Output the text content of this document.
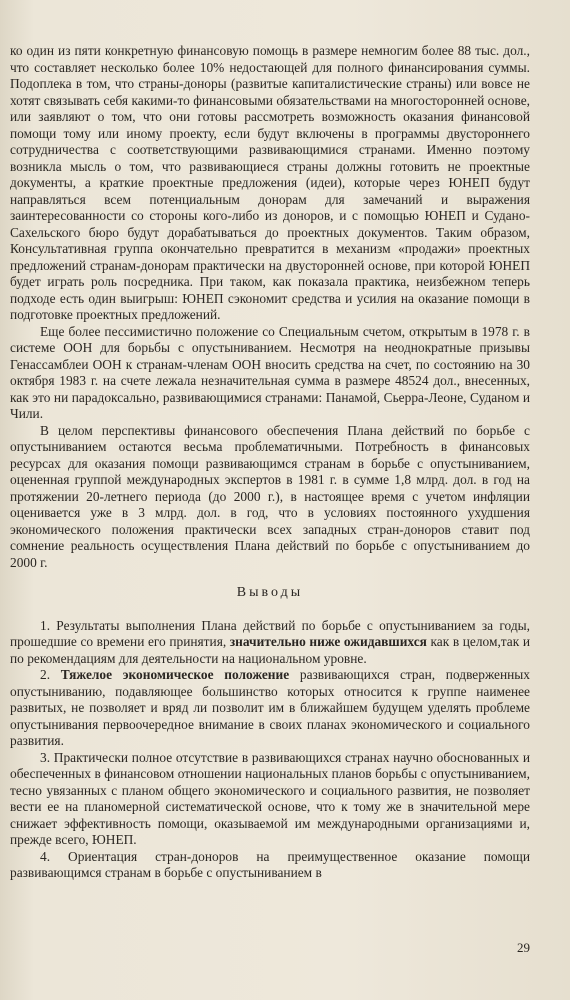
ко один из пяти конкретную финансовую помощь в размере немногим более 88 тыс. дол., что составляет несколько более 10% недостающей для полного финансирования суммы. Подоплека в том, что страны-доноры (развитые капиталистические страны) или вовсе не хотят связывать себя какими-то финансовыми обязательствами на многосторонней основе, или заявляют о том, что они готовы рассмотреть возможность оказания финансовой помощи тому или иному проекту, если будут включены в программы двустороннего сотрудничества с соответствующими развивающимися странами. Именно поэтому возникла мысль о том, что развивающиеся страны должны готовить не проектные документы, а краткие проектные предложения (идеи), которые через ЮНЕП будут направляться всем потенциальным донорам для замечаний и выражения заинтересованности со стороны кого-либо из доноров, и с помощью ЮНЕП и Судано-Сахельского бюро будут дорабатываться до проектных документов. Таким образом, Консультативная группа окончательно превратится в механизм «продажи» проектных предложений странам-донорам практически на двусторонней основе, при которой ЮНЕП будет играть роль посредника. При таком, как показала практика, неизбежном теперь подходе есть один выигрыш: ЮНЕП сэкономит средства и усилия на оказание помощи в подготовке проектных предложений.

Еще более пессимистично положение со Специальным счетом, открытым в 1978 г. в системе ООН для борьбы с опустыниванием. Несмотря на неоднократные призывы Генассамблеи ООН к странам-членам ООН вносить средства на счет, по состоянию на 30 октября 1983 г. на счете лежала незначительная сумма в размере 48524 дол., внесенных, как это ни парадоксально, развивающимися странами: Панамой, Сьерра-Леоне, Суданом и Чили.

В целом перспективы финансового обеспечения Плана действий по борьбе с опустыниванием остаются весьма проблематичными. Потребность в финансовых ресурсах для оказания помощи развивающимся странам в борьбе с опустыниванием, оцененная группой международных экспертов в 1981 г. в сумме 1,8 млрд. дол. в год на протяжении 20-летнего периода (до 2000 г.), в настоящее время с учетом инфляции оценивается уже в 3 млрд. дол. в год, что в условиях постоянного ухудшения экономического положения практически всех западных стран-доноров ставит под сомнение реальность осуществления Плана действий по борьбе с опустыниванием до 2000 г.

Выводы

1. Результаты выполнения Плана действий по борьбе с опустыниванием за годы, прошедшие со времени его принятия, значительно ниже ожидавшихся как в целом,так и по рекомендациям для деятельности на национальном уровне.

2. Тяжелое экономическое положение развивающихся стран, подверженных опустыниванию, подавляющее большинство которых относится к группе наименее развитых, не позволяет и вряд ли позволит им в ближайшем будущем уделять проблеме опустынивания первоочередное внимание в своих планах экономического и социального развития.

3. Практически полное отсутствие в развивающихся странах научно обоснованных и обеспеченных в финансовом отношении национальных планов борьбы с опустыниванием, тесно увязанных с планом общего экономического и социального развития, не позволяет вести ее на планомерной систематической основе, что к тому же в значительной мере снижает эффективность помощи, оказываемой им международными организациями и, прежде всего, ЮНЕП.

4. Ориентация стран-доноров на преимущественное оказание помощи развивающимся странам в борьбе с опустыниванием в

29
